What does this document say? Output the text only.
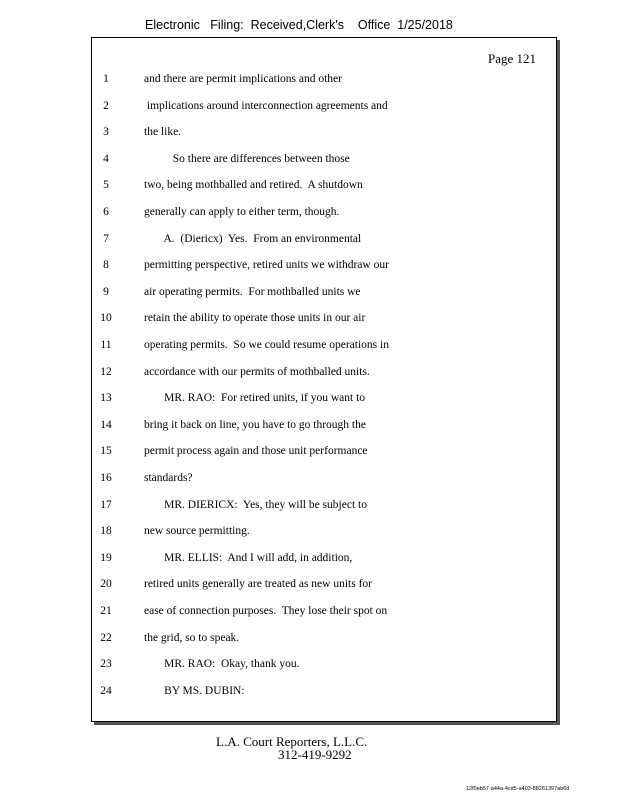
Electronic   Filing:  Received,Clerk's    Office  1/25/2018
Page 121
1	and there are permit implications and other
2	implications around interconnection agreements and
3	the like.
4	So there are differences between those
5	two, being mothballed and retired.  A shutdown
6	generally can apply to either term, though.
7	A.  (Diericx)  Yes.  From an environmental
8	permitting perspective, retired units we withdraw our
9	air operating permits.  For mothballed units we
10	retain the ability to operate those units in our air
11	operating permits.  So we could resume operations in
12	accordance with our permits of mothballed units.
13	MR. RAO:  For retired units, if you want to
14	bring it back on line, you have to go through the
15	permit process again and those unit performance
16	standards?
17	MR. DIERICX:  Yes, they will be subject to
18	new source permitting.
19	MR. ELLIS:  And I will add, in addition,
20	retired units generally are treated as new units for
21	ease of connection purposes.  They lose their spot on
22	the grid, so to speak.
23	MR. RAO:  Okay, thank you.
24	BY MS. DUBIN:
L.A. Court Reporters, L.L.C.
312-419-9292
12f0eb57-a44a-4cd5-a403-88261397ab6d
